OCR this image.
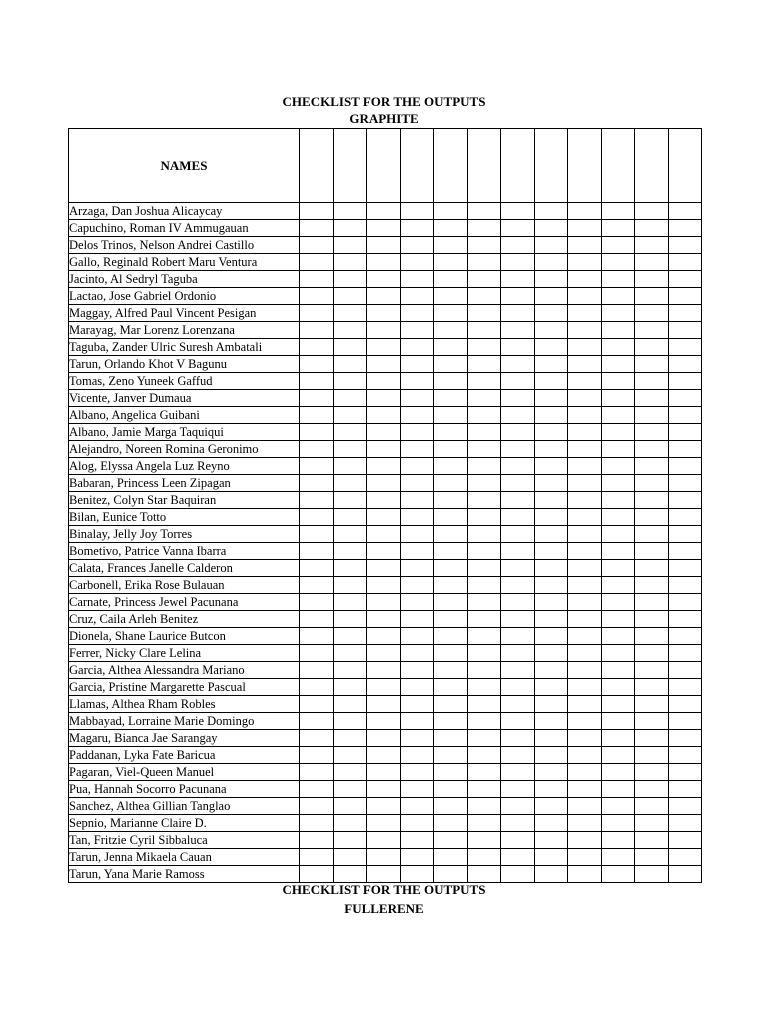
CHECKLIST FOR THE OUTPUTS
GRAPHITE
NAMES												
Arzaga, Dan Joshua Alicaycay												
Capuchino, Roman IV Ammugauan												
Delos Trinos, Nelson Andrei Castillo												
Gallo, Reginald Robert Maru Ventura												
Jacinto, Al Sedryl Taguba												
Lactao, Jose Gabriel Ordonio												
Maggay, Alfred Paul Vincent Pesigan												
Marayag, Mar Lorenz Lorenzana												
Taguba, Zander Ulric Suresh Ambatali												
Tarun, Orlando Khot V Bagunu												
Tomas, Zeno Yuneek Gaffud												
Vicente, Janver Dumaua												
Albano, Angelica Guibani												
Albano, Jamie Marga Taquiqui												
Alejandro, Noreen Romina Geronimo												
Alog, Elyssa Angela Luz Reyno												
Babaran, Princess Leen Zipagan												
Benitez, Colyn Star Baquiran												
Bilan, Eunice Totto												
Binalay, Jelly Joy Torres												
Bometivo, Patrice Vanna Ibarra												
Calata, Frances Janelle Calderon												
Carbonell, Erika Rose Bulauan												
Carnate, Princess Jewel Pacunana												
Cruz, Caila Arleh Benitez												
Dionela, Shane Laurice Butcon												
Ferrer, Nicky Clare Lelina												
Garcia, Althea Alessandra Mariano												
Garcia, Pristine Margarette Pascual												
Llamas, Althea Rham Robles												
Mabbayad, Lorraine Marie Domingo												
Magaru, Bianca Jae Sarangay												
Paddanan, Lyka Fate Baricua												
Pagaran, Viel-Queen Manuel												
Pua, Hannah Socorro Pacunana												
Sanchez, Althea Gillian Tanglao												
Sepnio, Marianne Claire D.												
Tan, Fritzie Cyril Sibbaluca												
Tarun, Jenna Mikaela Cauan												
Tarun, Yana Marie Ramoss												
CHECKLIST FOR THE OUTPUTS
FULLERENE
